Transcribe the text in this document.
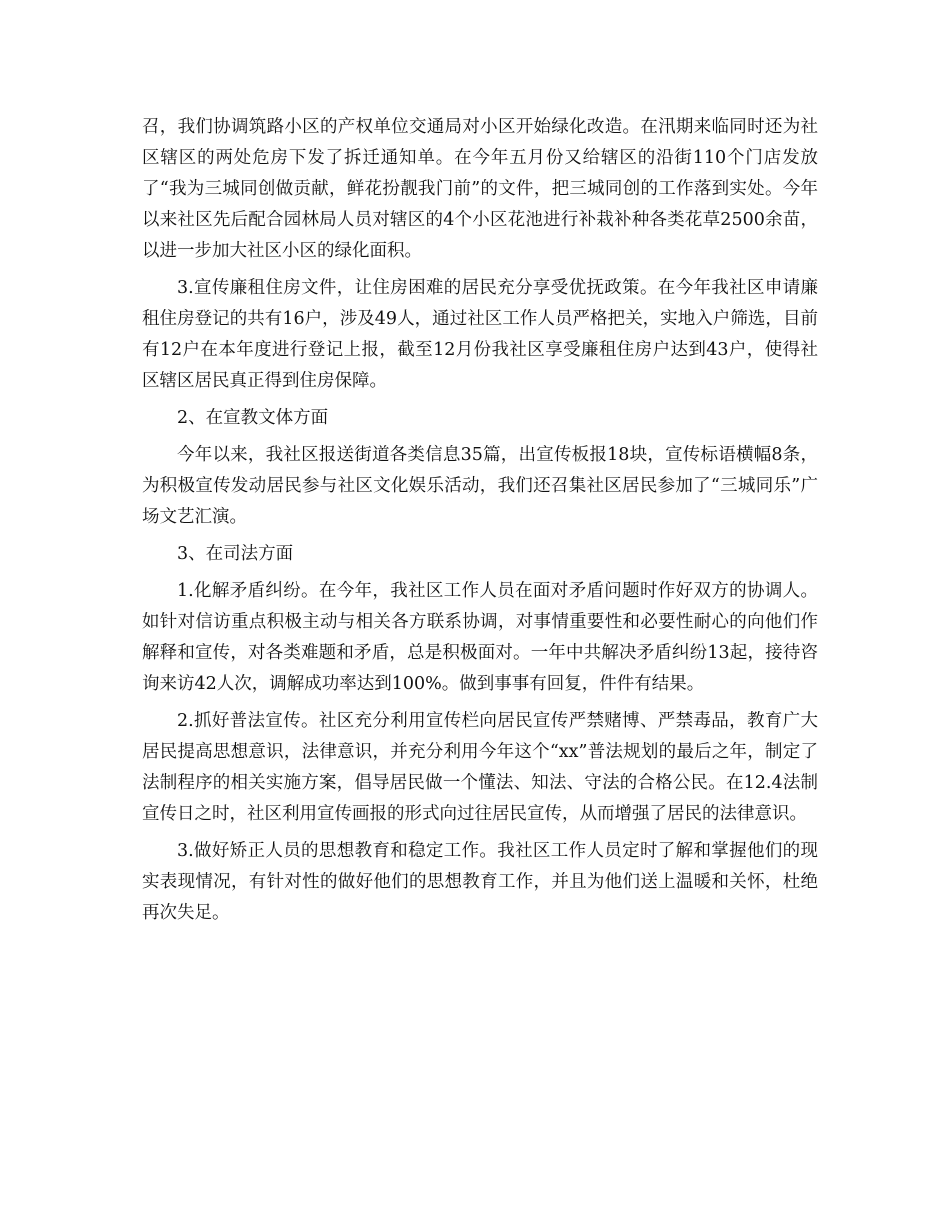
召，我们协调筑路小区的产权单位交通局对小区开始绿化改造。在汛期来临同时还为社区辖区的两处危房下发了拆迁通知单。在今年五月份又给辖区的沿街110个门店发放了“我为三城同创做贡献，鲜花扮靓我门前”的文件，把三城同创的工作落到实处。今年以来社区先后配合园林局人员对辖区的4个小区花池进行补栽补种各类花草2500余苗，以进一步加大社区小区的绿化面积。

3.宣传廉租住房文件，让住房困难的居民充分享受优抚政策。在今年我社区申请廉租住房登记的共有16户，涉及49人，通过社区工作人员严格把关，实地入户筛选，目前有12户在本年度进行登记上报，截至12月份我社区享受廉租住房户达到43户，使得社区辖区居民真正得到住房保障。

2、在宣教文体方面

今年以来，我社区报送街道各类信息35篇，出宣传板报18块，宣传标语横幅8条，为积极宣传发动居民参与社区文化娱乐活动，我们还召集社区居民参加了“三城同乐”广场文艺汇演。

3、在司法方面

1.化解矛盾纠纷。在今年，我社区工作人员在面对矛盾问题时作好双方的协调人。如针对信访重点积极主动与相关各方联系协调，对事情重要性和必要性耐心的向他们作解释和宣传，对各类难题和矛盾，总是积极面对。一年中共解决矛盾纠纷13起，接待咨询来访42人次，调解成功率达到100%。做到事事有回复，件件有结果。

2.抓好普法宣传。社区充分利用宣传栏向居民宣传严禁赌博、严禁毒品，教育广大居民提高思想意识，法律意识，并充分利用今年这个“xx”普法规划的最后之年，制定了法制程序的相关实施方案，倡导居民做一个懂法、知法、守法的合格公民。在12.4法制宣传日之时，社区利用宣传画报的形式向过往居民宣传，从而增强了居民的法律意识。

3.做好矫正人员的思想教育和稳定工作。我社区工作人员定时了解和掌握他们的现实表现情况，有针对性的做好他们的思想教育工作，并且为他们送上温暖和关怀，杜绝再次失足。
